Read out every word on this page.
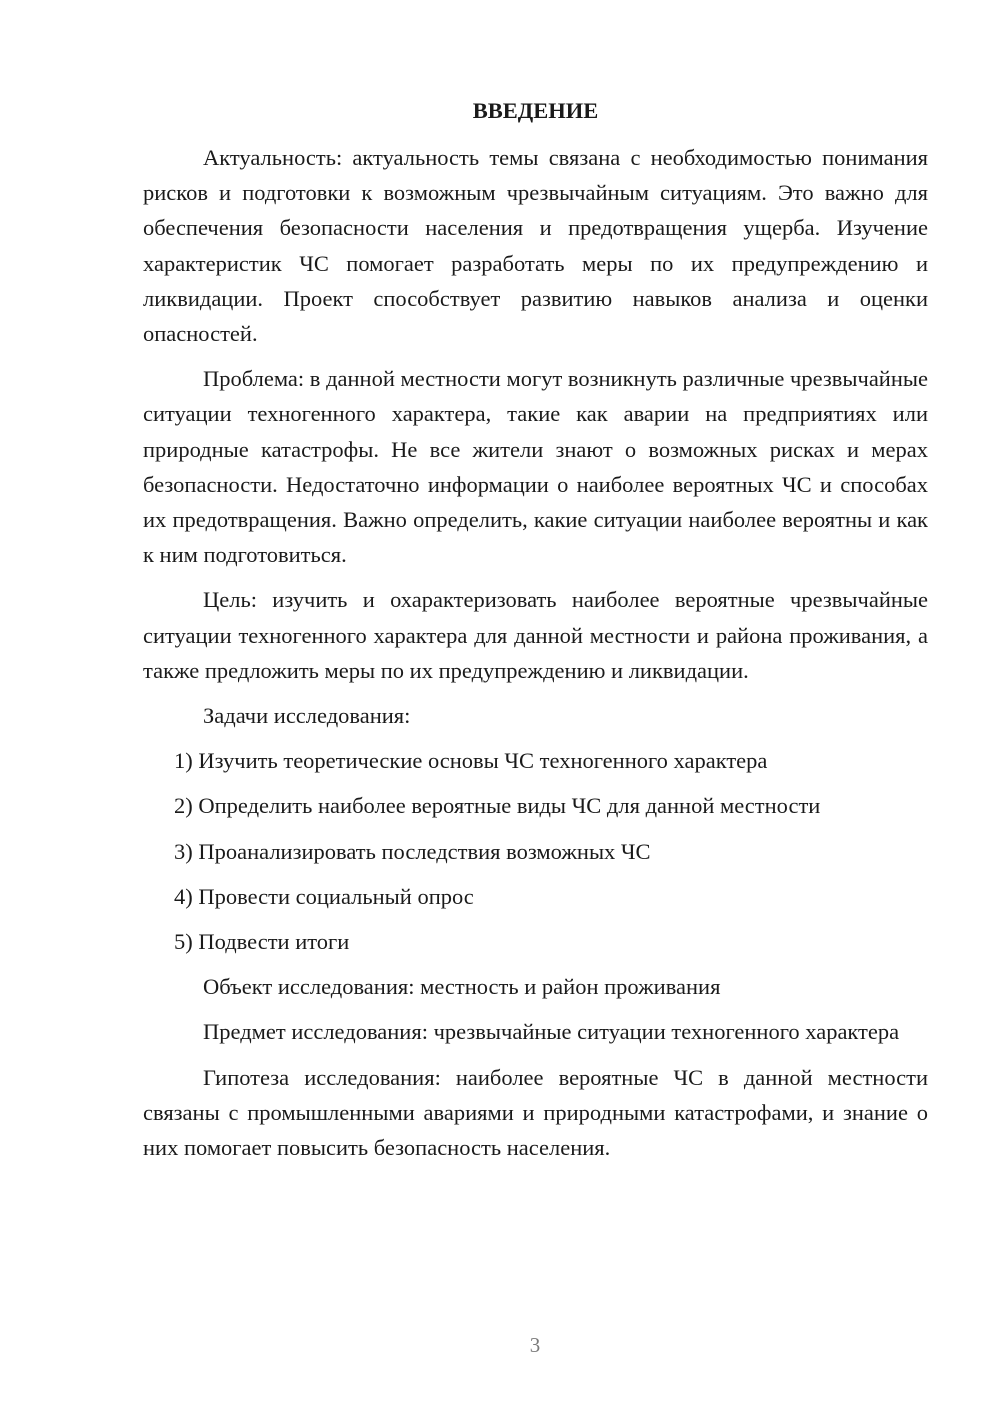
ВВЕДЕНИЕ

Актуальность: актуальность темы связана с необходимостью понимания рисков и подготовки к возможным чрезвычайным ситуациям. Это важно для обеспечения безопасности населения и предотвращения ущерба. Изучение характеристик ЧС помогает разработать меры по их предупреждению и ликвидации. Проект способствует развитию навыков анализа и оценки опасностей.

Проблема: в данной местности могут возникнуть различные чрезвычайные ситуации техногенного характера, такие как аварии на предприятиях или природные катастрофы. Не все жители знают о возможных рисках и мерах безопасности. Недостаточно информации о наиболее вероятных ЧС и способах их предотвращения. Важно определить, какие ситуации наиболее вероятны и как к ним подготовиться.

Цель: изучить и охарактеризовать наиболее вероятные чрезвычайные ситуации техногенного характера для данной местности и района проживания, а также предложить меры по их предупреждению и ликвидации.

Задачи исследования:
1) Изучить теоретические основы ЧС техногенного характера
2) Определить наиболее вероятные виды ЧС для данной местности
3) Проанализировать последствия возможных ЧС
4) Провести социальный опрос
5) Подвести итоги

Объект исследования: местность и район проживания

Предмет исследования: чрезвычайные ситуации техногенного характера

Гипотеза исследования: наиболее вероятные ЧС в данной местности связаны с промышленными авариями и природными катастрофами, и знание о них помогает повысить безопасность населения.

3
